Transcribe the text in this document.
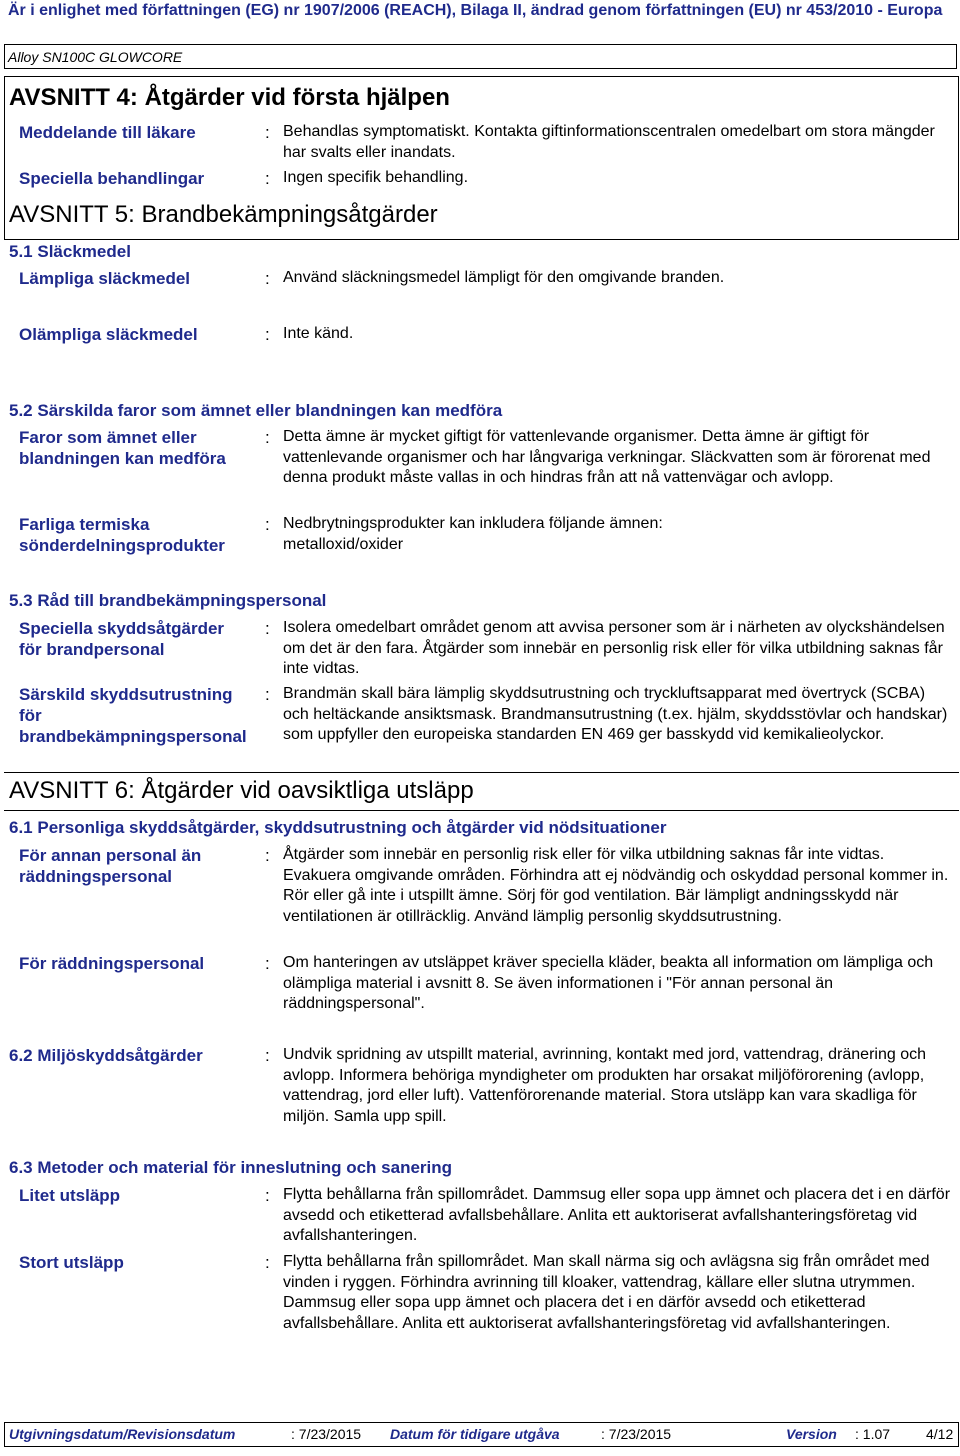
Är i enlighet med författningen (EG) nr 1907/2006 (REACH), Bilaga II, ändrad genom författningen (EU) nr 453/2010 - Europa
Alloy SN100C GLOWCORE
AVSNITT 4: Åtgärder vid första hjälpen
Meddelande till läkare	: Behandlas symptomatiskt. Kontakta giftinformationscentralen omedelbart om stora mängder har svalts eller inandats.
Speciella behandlingar	: Ingen specifik behandling.
AVSNITT 5: Brandbekämpningsåtgärder
5.1 Släckmedel
Lämpliga släckmedel	: Använd släckningsmedel lämpligt för den omgivande branden.
Olämpliga släckmedel	: Inte känd.
5.2 Särskilda faror som ämnet eller blandningen kan medföra
Faror som ämnet eller
blandningen kan medföra
: Detta ämne är mycket giftigt för vattenlevande organismer. Detta ämne är giftigt för vattenlevande organismer och har långvariga verkningar. Släckvatten som är förorenat med denna produkt måste vallas in och hindras från att nå vattenvägar och avlopp.
Farliga termiska
sönderdelningsprodukter
: Nedbrytningsprodukter kan inkludera följande ämnen:
metalloxid/oxider
5.3 Råd till brandbekämpningspersonal
Speciella skyddsåtgärder
för brandpersonal
: Isolera omedelbart området genom att avvisa personer som är i närheten av olyckshändelsen om det är den fara. Åtgärder som innebär en personlig risk eller för vilka utbildning saknas får inte vidtas.
Särskild skyddsutrustning
för
brandbekämpningspersonal
: Brandmän skall bära lämplig skyddsutrustning och tryckluftsapparat med övertryck (SCBA) och heltäckande ansiktsmask. Brandmansutrustning (t.ex. hjälm, skyddsstövlar och handskar) som uppfyller den europeiska standarden EN 469 ger basskydd vid kemikalieolyckor.
AVSNITT 6: Åtgärder vid oavsiktliga utsläpp
6.1 Personliga skyddsåtgärder, skyddsutrustning och åtgärder vid nödsituationer
För annan personal än
räddningspersonal
: Åtgärder som innebär en personlig risk eller för vilka utbildning saknas får inte vidtas. Evakuera omgivande områden. Förhindra att ej nödvändig och oskyddad personal kommer in. Rör eller gå inte i utspillt ämne. Sörj för god ventilation. Bär lämpligt andningsskydd när ventilationen är otillräcklig. Använd lämplig personlig skyddsutrustning.
För räddningspersonal	: Om hanteringen av utsläppet kräver speciella kläder, beakta all information om lämpliga och olämpliga material i avsnitt 8. Se även informationen i "För annan personal än räddningspersonal".
6.2 Miljöskyddsåtgärder	: Undvik spridning av utspillt material, avrinning, kontakt med jord, vattendrag, dränering och avlopp. Informera behöriga myndigheter om produkten har orsakat miljöförorening (avlopp, vattendrag, jord eller luft). Vattenförorenande material. Stora utsläpp kan vara skadliga för miljön. Samla upp spill.
6.3 Metoder och material för inneslutning och sanering
Litet utsläpp	: Flytta behållarna från spillområdet. Dammsug eller sopa upp ämnet och placera det i en därför avsedd och etiketterad avfallsbehållare. Anlita ett auktoriserat avfallshanteringsföretag vid avfallshanteringen.
Stort utsläpp	: Flytta behållarna från spillområdet. Man skall närma sig och avlägsna sig från området med vinden i ryggen. Förhindra avrinning till kloaker, vattendrag, källare eller slutna utrymmen. Dammsug eller sopa upp ämnet och placera det i en därför avsedd och etiketterad avfallsbehållare. Anlita ett auktoriserat avfallshanteringsföretag vid avfallshanteringen.
Utgivningsdatum/Revisionsdatum	: 7/23/2015 Datum för tidigare utgåva	: 7/23/2015	Version : 1.07	4/12
